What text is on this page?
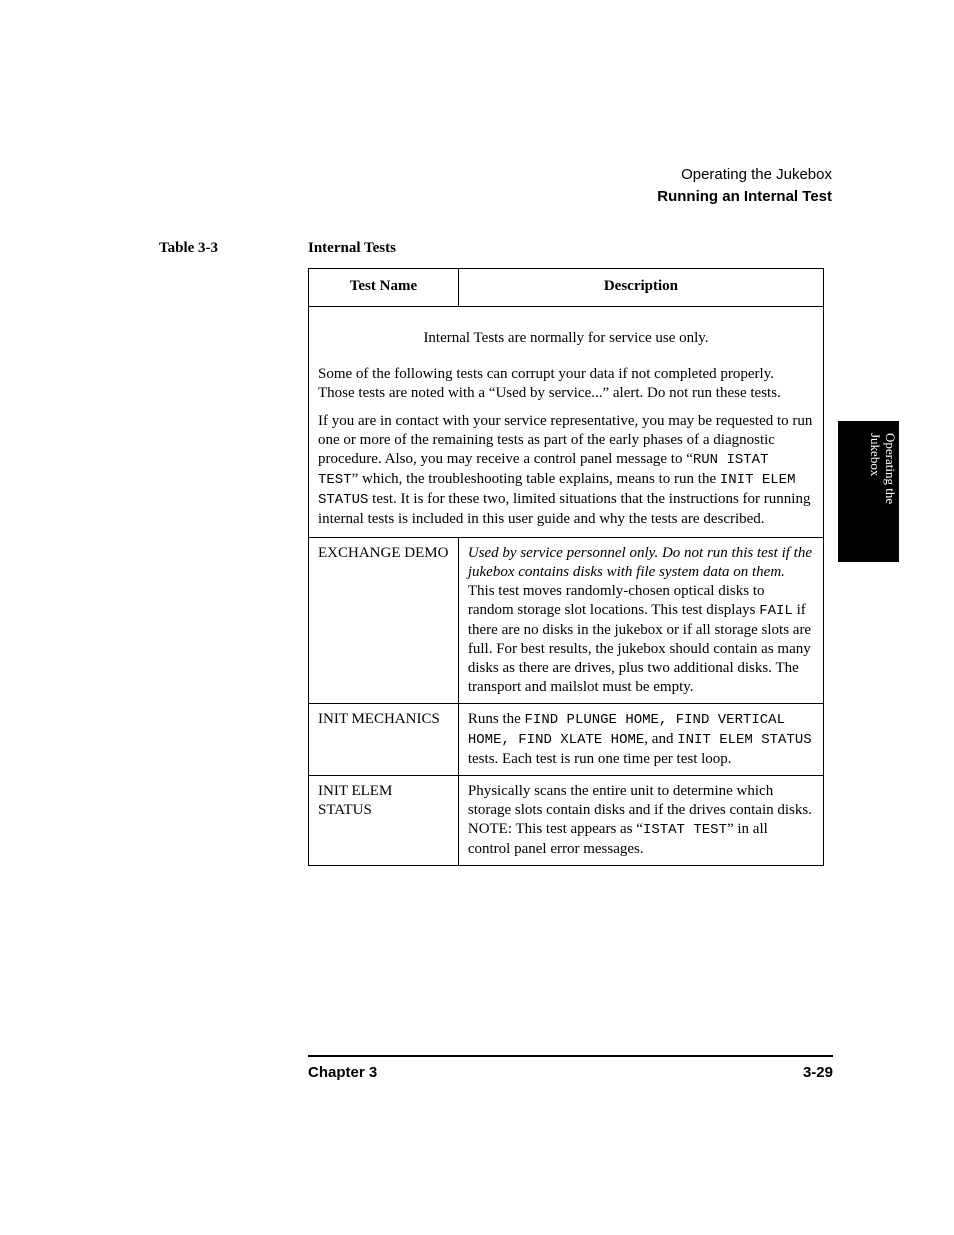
Operating the Jukebox
Running an Internal Test
Table 3-3	Internal Tests
Test Name	Description

Internal Tests are normally for service use only.

Some of the following tests can corrupt your data if not completed properly. Those tests are noted with a “Used by service...” alert. Do not run these tests.

If you are in contact with your service representative, you may be requested to run one or more of the remaining tests as part of the early phases of a diagnostic procedure. Also, you may receive a control panel message to “RUN ISTAT TEST” which, the troubleshooting table explains, means to run the INIT ELEM STATUS test. It is for these two, limited situations that the instructions for running internal tests is included in this user guide and why the tests are described.	

EXCHANGE DEMO	Used by service personnel only. Do not run this test if the jukebox contains disks with file system data on them. This test moves randomly-chosen optical disks to random storage slot locations. This test displays FAIL if there are no disks in the jukebox or if all storage slots are full. For best results, the jukebox should contain as many disks as there are drives, plus two additional disks. The transport and mailslot must be empty.
INIT MECHANICS	Runs the FIND PLUNGE HOME, FIND VERTICAL HOME, FIND XLATE HOME, and INIT ELEM STATUS tests. Each test is run one time per test loop.
INIT ELEM STATUS	Physically scans the entire unit to determine which storage slots contain disks and if the drives contain disks.
NOTE: This test appears as “ISTAT TEST” in all control panel error messages.
Operating the
Jukebox
Chapter 3	3-29
